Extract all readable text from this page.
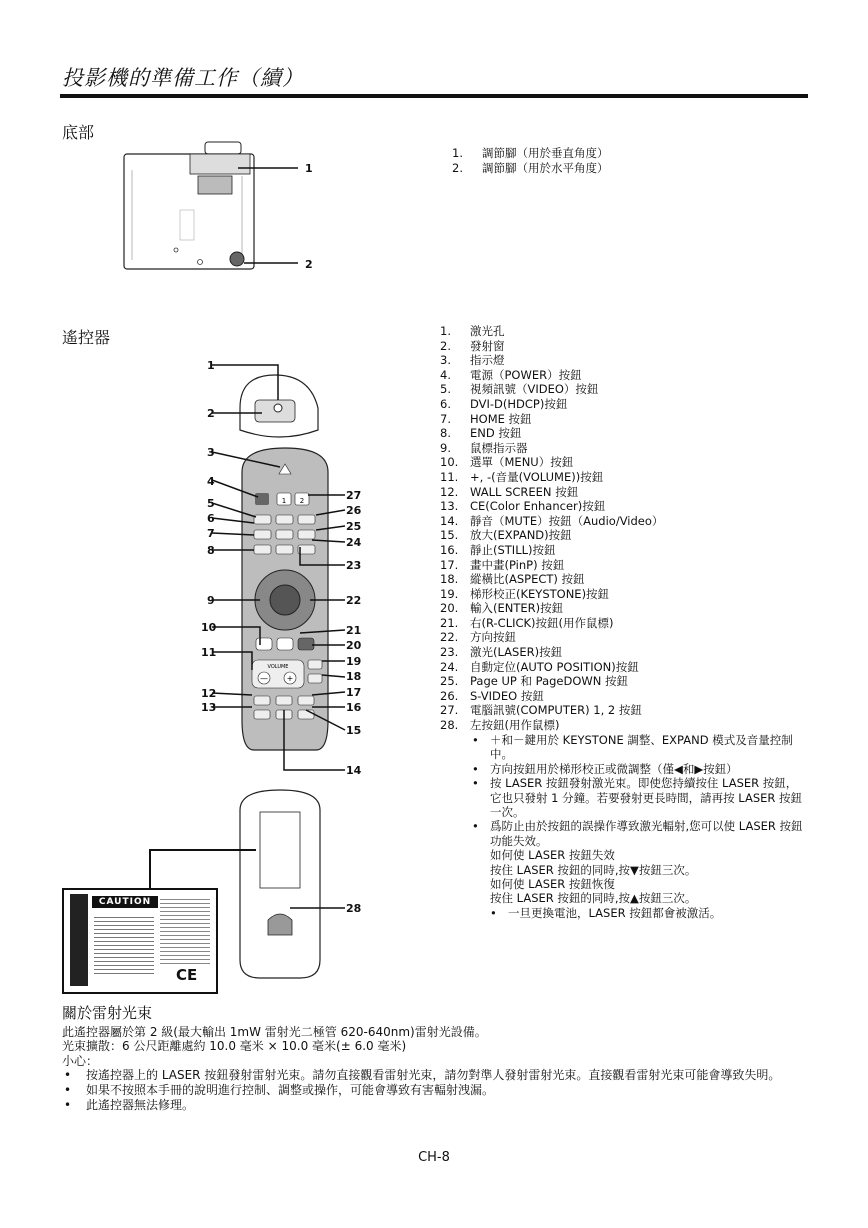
投影機的準備工作（續）
底部
1
2
1.	調節腳（用於垂直角度）
2.	調節腳（用於水平角度）
遙控器
1 2
VOLUME
— +
1
2
3
4
5
6
7
8
9
10
11
12
13
27
26
25
24
23
22
21
20
19
18
17
16
15
14
28
CAUTION
CE
1.	激光孔
2.	發射窗
3.	指示燈
4.	電源（POWER）按鈕
5.	視頻訊號（VIDEO）按鈕
6.	DVI-D(HDCP)按鈕
7.	HOME 按鈕
8.	END 按鈕
9.	鼠標指示器
10.	選單（MENU）按鈕
11.	+, -(音量(VOLUME))按鈕
12.	WALL SCREEN 按鈕
13.	CE(Color Enhancer)按鈕
14.	靜音（MUTE）按鈕（Audio/Video）
15.	放大(EXPAND)按鈕
16.	靜止(STILL)按鈕
17.	畫中畫(PinP) 按鈕
18.	縱橫比(ASPECT) 按鈕
19.	梯形校正(KEYSTONE)按鈕
20.	輸入(ENTER)按鈕
21.	右(R-CLICK)按鈕(用作鼠標)
22.	方向按鈕
23.	激光(LASER)按鈕
24.	自動定位(AUTO POSITION)按鈕
25.	Page UP 和 PageDOWN 按鈕
26.	S-VIDEO 按鈕
27.	電腦訊號(COMPUTER) 1, 2 按鈕
28.	左按鈕(用作鼠標)
• ＋和－鍵用於 KEYSTONE 調整、EXPAND 模式及音量控制中。
• 方向按鈕用於梯形校正或微調整（僅◀和▶按鈕）
• 按 LASER 按鈕發射激光束。即使您持續按住 LASER 按鈕，它也只發射 1 分鐘。若要發射更長時間，請再按 LASER 按鈕一次。
• 爲防止由於按鈕的誤操作導致激光輻射,您可以使 LASER 按鈕功能失效。
如何使 LASER 按鈕失效
按住 LASER 按鈕的同時,按▼按鈕三次。
如何使 LASER 按鈕恢復
按住 LASER 按鈕的同時,按▲按鈕三次。
• 一旦更換電池，LASER 按鈕都會被激活。
關於雷射光束
此遙控器屬於第 2 級(最大輸出 1mW 雷射光二極管 620-640nm)雷射光設備。
光束擴散：6 公尺距離處約 10.0 毫米 × 10.0 毫米(± 6.0 毫米)
小心：
•	按遙控器上的 LASER 按鈕發射雷射光束。請勿直接觀看雷射光束，請勿對準人發射雷射光束。直接觀看雷射光束可能會導致失明。
•	如果不按照本手冊的說明進行控制、調整或操作，可能會導致有害輻射洩漏。
•	此遙控器無法修理。
CH-8
